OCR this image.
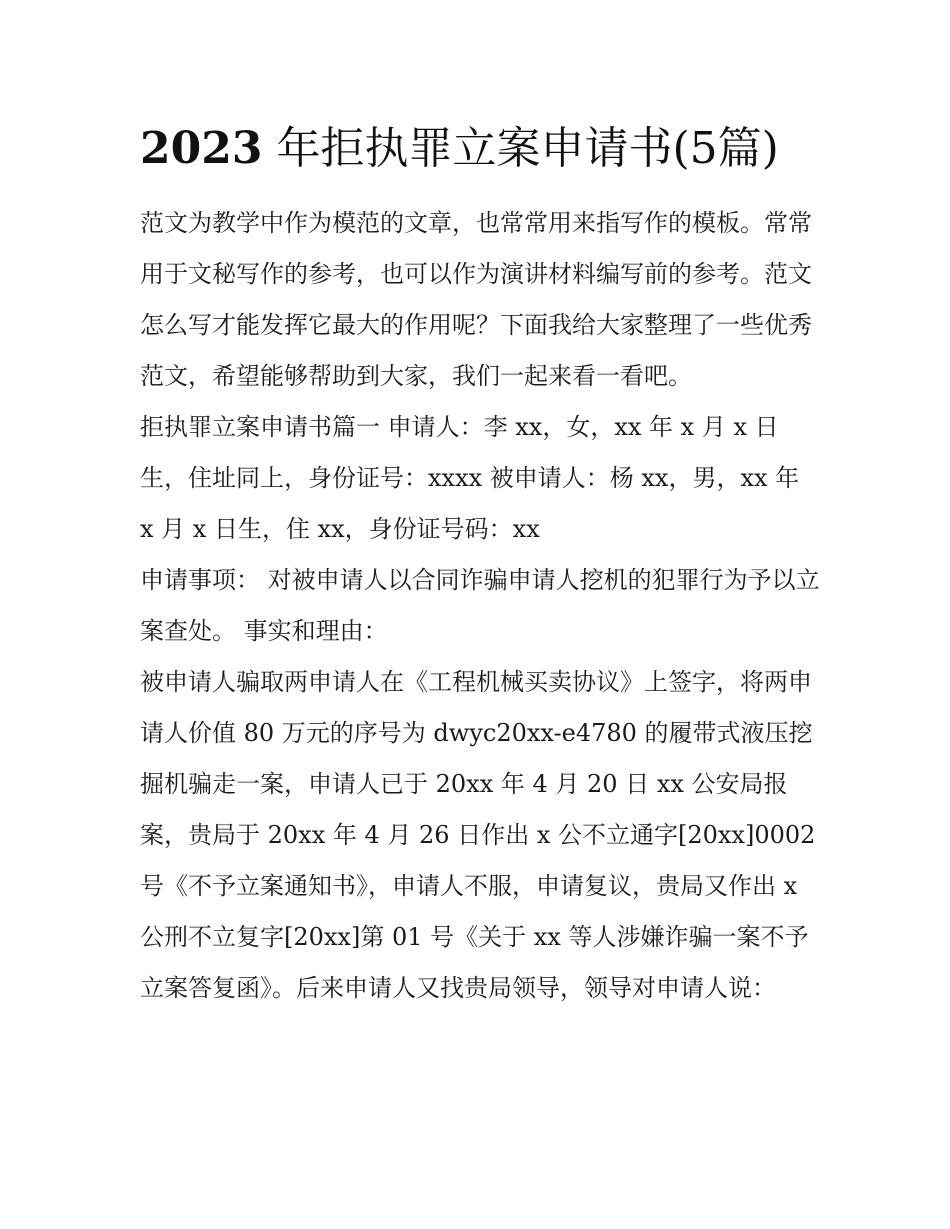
2023 年拒执罪立案申请书(5篇)

范文为教学中作为模范的文章，也常常用来指写作的模板。常常用于文秘写作的参考，也可以作为演讲材料编写前的参考。范文怎么写才能发挥它最大的作用呢？下面我给大家整理了一些优秀范文，希望能够帮助到大家，我们一起来看一看吧。

拒执罪立案申请书篇一 申请人：李 xx，女，xx 年 x 月 x 日生，住址同上，身份证号：xxxx 被申请人：杨 xx，男，xx 年 x 月 x 日生，住 xx，身份证号码：xx

申请事项： 对被申请人以合同诈骗申请人挖机的犯罪行为予以立案查处。 事实和理由：

被申请人骗取两申请人在《工程机械买卖协议》上签字，将两申请人价值 80 万元的序号为 dwyc20xx-e4780 的履带式液压挖掘机骗走一案，申请人已于 20xx 年 4 月 20 日 xx 公安局报案，贵局于 20xx 年 4 月 26 日作出 x 公不立通字[20xx]0002 号《不予立案通知书》，申请人不服，申请复议，贵局又作出 x 公刑不立复字[20xx]第 01 号《关于 xx 等人涉嫌诈骗一案不予立案答复函》。后来申请人又找贵局领导，领导对申请人说：
